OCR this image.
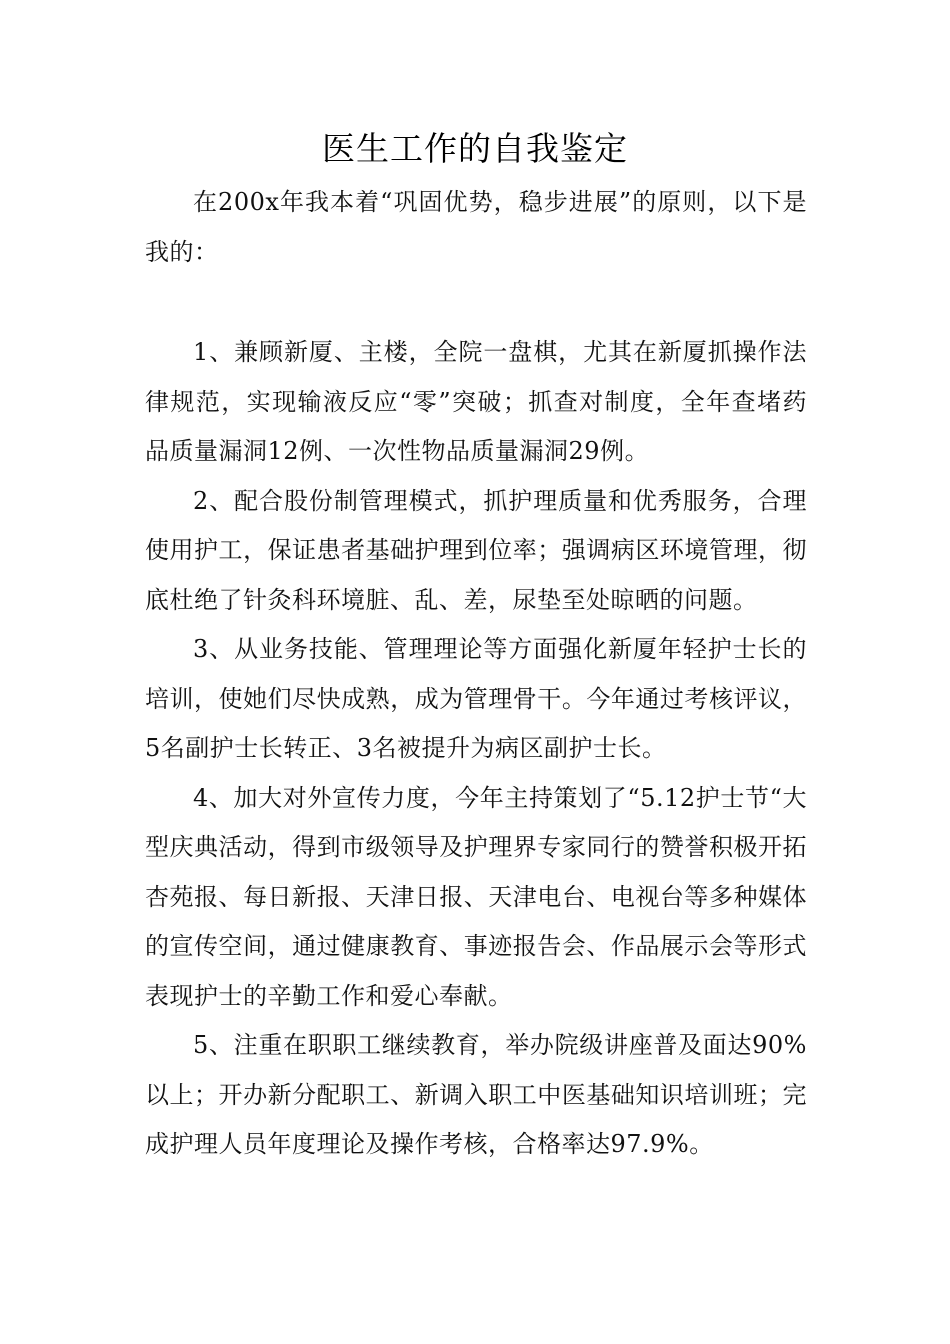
医生工作的自我鉴定

在200x年我本着“巩固优势，稳步进展”的原则，以下是我的：

1、兼顾新厦、主楼，全院一盘棋，尤其在新厦抓操作法律规范，实现输液反应“零”突破；抓查对制度，全年查堵药品质量漏洞12例、一次性物品质量漏洞29例。

2、配合股份制管理模式，抓护理质量和优秀服务，合理使用护工，保证患者基础护理到位率；强调病区环境管理，彻底杜绝了针灸科环境脏、乱、差，尿垫至处晾晒的问题。

3、从业务技能、管理理论等方面强化新厦年轻护士长的培训，使她们尽快成熟，成为管理骨干。今年通过考核评议，5名副护士长转正、3名被提升为病区副护士长。

4、加大对外宣传力度，今年主持策划了“5.12护士节“大型庆典活动，得到市级领导及护理界专家同行的赞誉积极开拓杏苑报、每日新报、天津日报、天津电台、电视台等多种媒体的宣传空间，通过健康教育、事迹报告会、作品展示会等形式表现护士的辛勤工作和爱心奉献。

5、注重在职职工继续教育，举办院级讲座普及面达90%以上；开办新分配职工、新调入职工中医基础知识培训班；完成护理人员年度理论及操作考核，合格率达97.9%。
